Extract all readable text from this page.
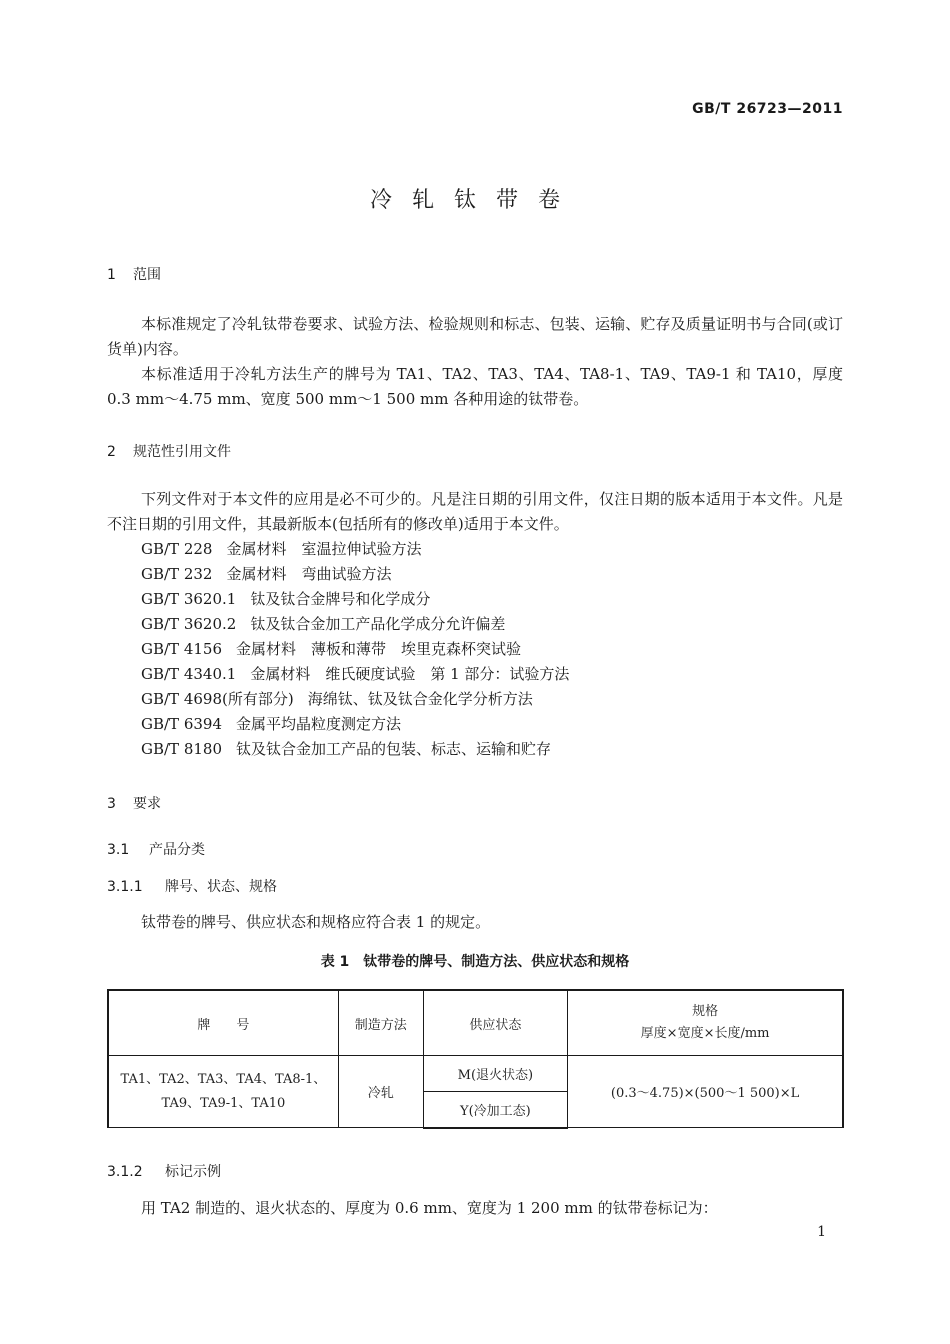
GB/T 26723—2011
冷轧钛带卷
1 范围
本标准规定了冷轧钛带卷要求、试验方法、检验规则和标志、包装、运输、贮存及质量证明书与合同(或订货单)内容。
本标准适用于冷轧方法生产的牌号为 TA1、TA2、TA3、TA4、TA8-1、TA9、TA9-1 和 TA10，厚度0.3 mm～4.75 mm、宽度 500 mm～1 500 mm 各种用途的钛带卷。
2 规范性引用文件
下列文件对于本文件的应用是必不可少的。凡是注日期的引用文件，仅注日期的版本适用于本文件。凡是不注日期的引用文件，其最新版本(包括所有的修改单)适用于本文件。
GB/T 228 金属材料　室温拉伸试验方法
GB/T 232 金属材料　弯曲试验方法
GB/T 3620.1 钛及钛合金牌号和化学成分
GB/T 3620.2 钛及钛合金加工产品化学成分允许偏差
GB/T 4156 金属材料　薄板和薄带　埃里克森杯突试验
GB/T 4340.1 金属材料　维氏硬度试验　第 1 部分：试验方法
GB/T 4698(所有部分) 海绵钛、钛及钛合金化学分析方法
GB/T 6394 金属平均晶粒度测定方法
GB/T 8180 钛及钛合金加工产品的包装、标志、运输和贮存
3 要求
3.1 产品分类
3.1.1 牌号、状态、规格
钛带卷的牌号、供应状态和规格应符合表 1 的规定。
表 1　钛带卷的牌号、制造方法、供应状态和规格
牌　　号	制造方法	供应状态	规格
厚度×宽度×长度/mm

TA1、TA2、TA3、TA4、TA8-1、
TA9、TA9-1、TA10	冷轧	M(退火状态)	(0.3～4.75)×(500～1 500)×L
		Y(冷加工态)	
3.1.2 标记示例
用 TA2 制造的、退火状态的、厚度为 0.6 mm、宽度为 1 200 mm 的钛带卷标记为：
1
